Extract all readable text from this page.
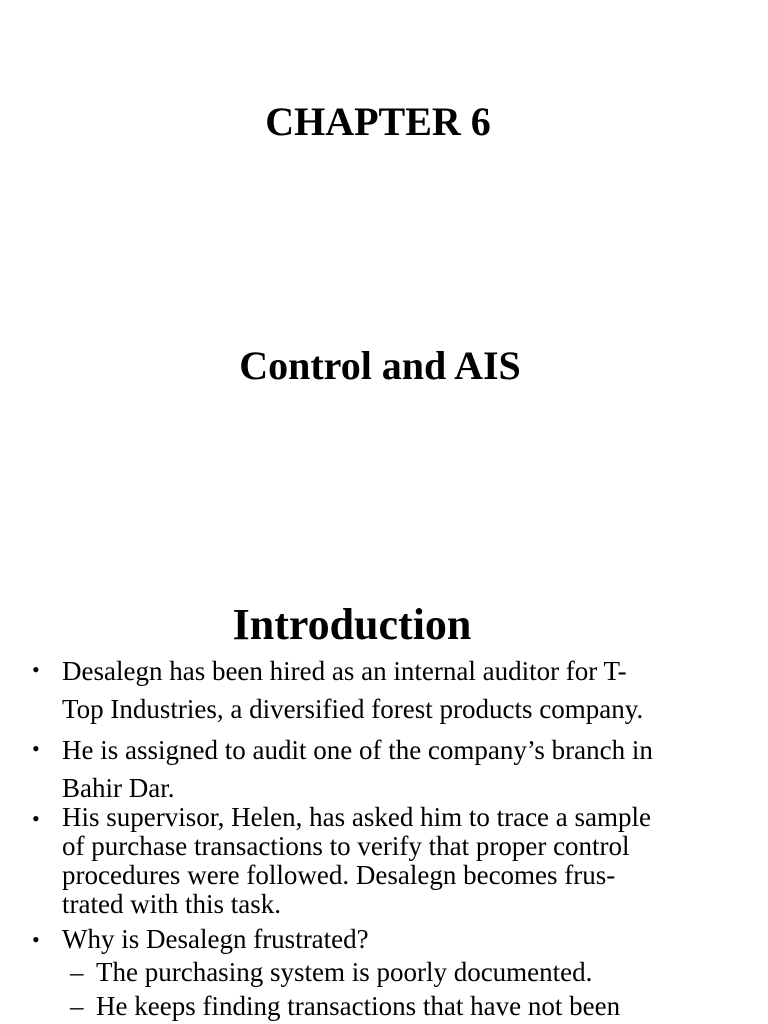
CHAPTER 6
Control and AIS
Introduction
• Desalegn has been hired as an internal auditor for T-
Top Industries, a diversified forest products company.
• He is assigned to audit one of the company’s branch in
Bahir Dar.
• His supervisor, Helen, has asked him to trace a sample
of purchase transactions to verify that proper control
procedures were followed. Desalegn becomes frus-
trated with this task.
• Why is Desalegn frustrated?
– The purchasing system is poorly documented.
– He keeps finding transactions that have not been
